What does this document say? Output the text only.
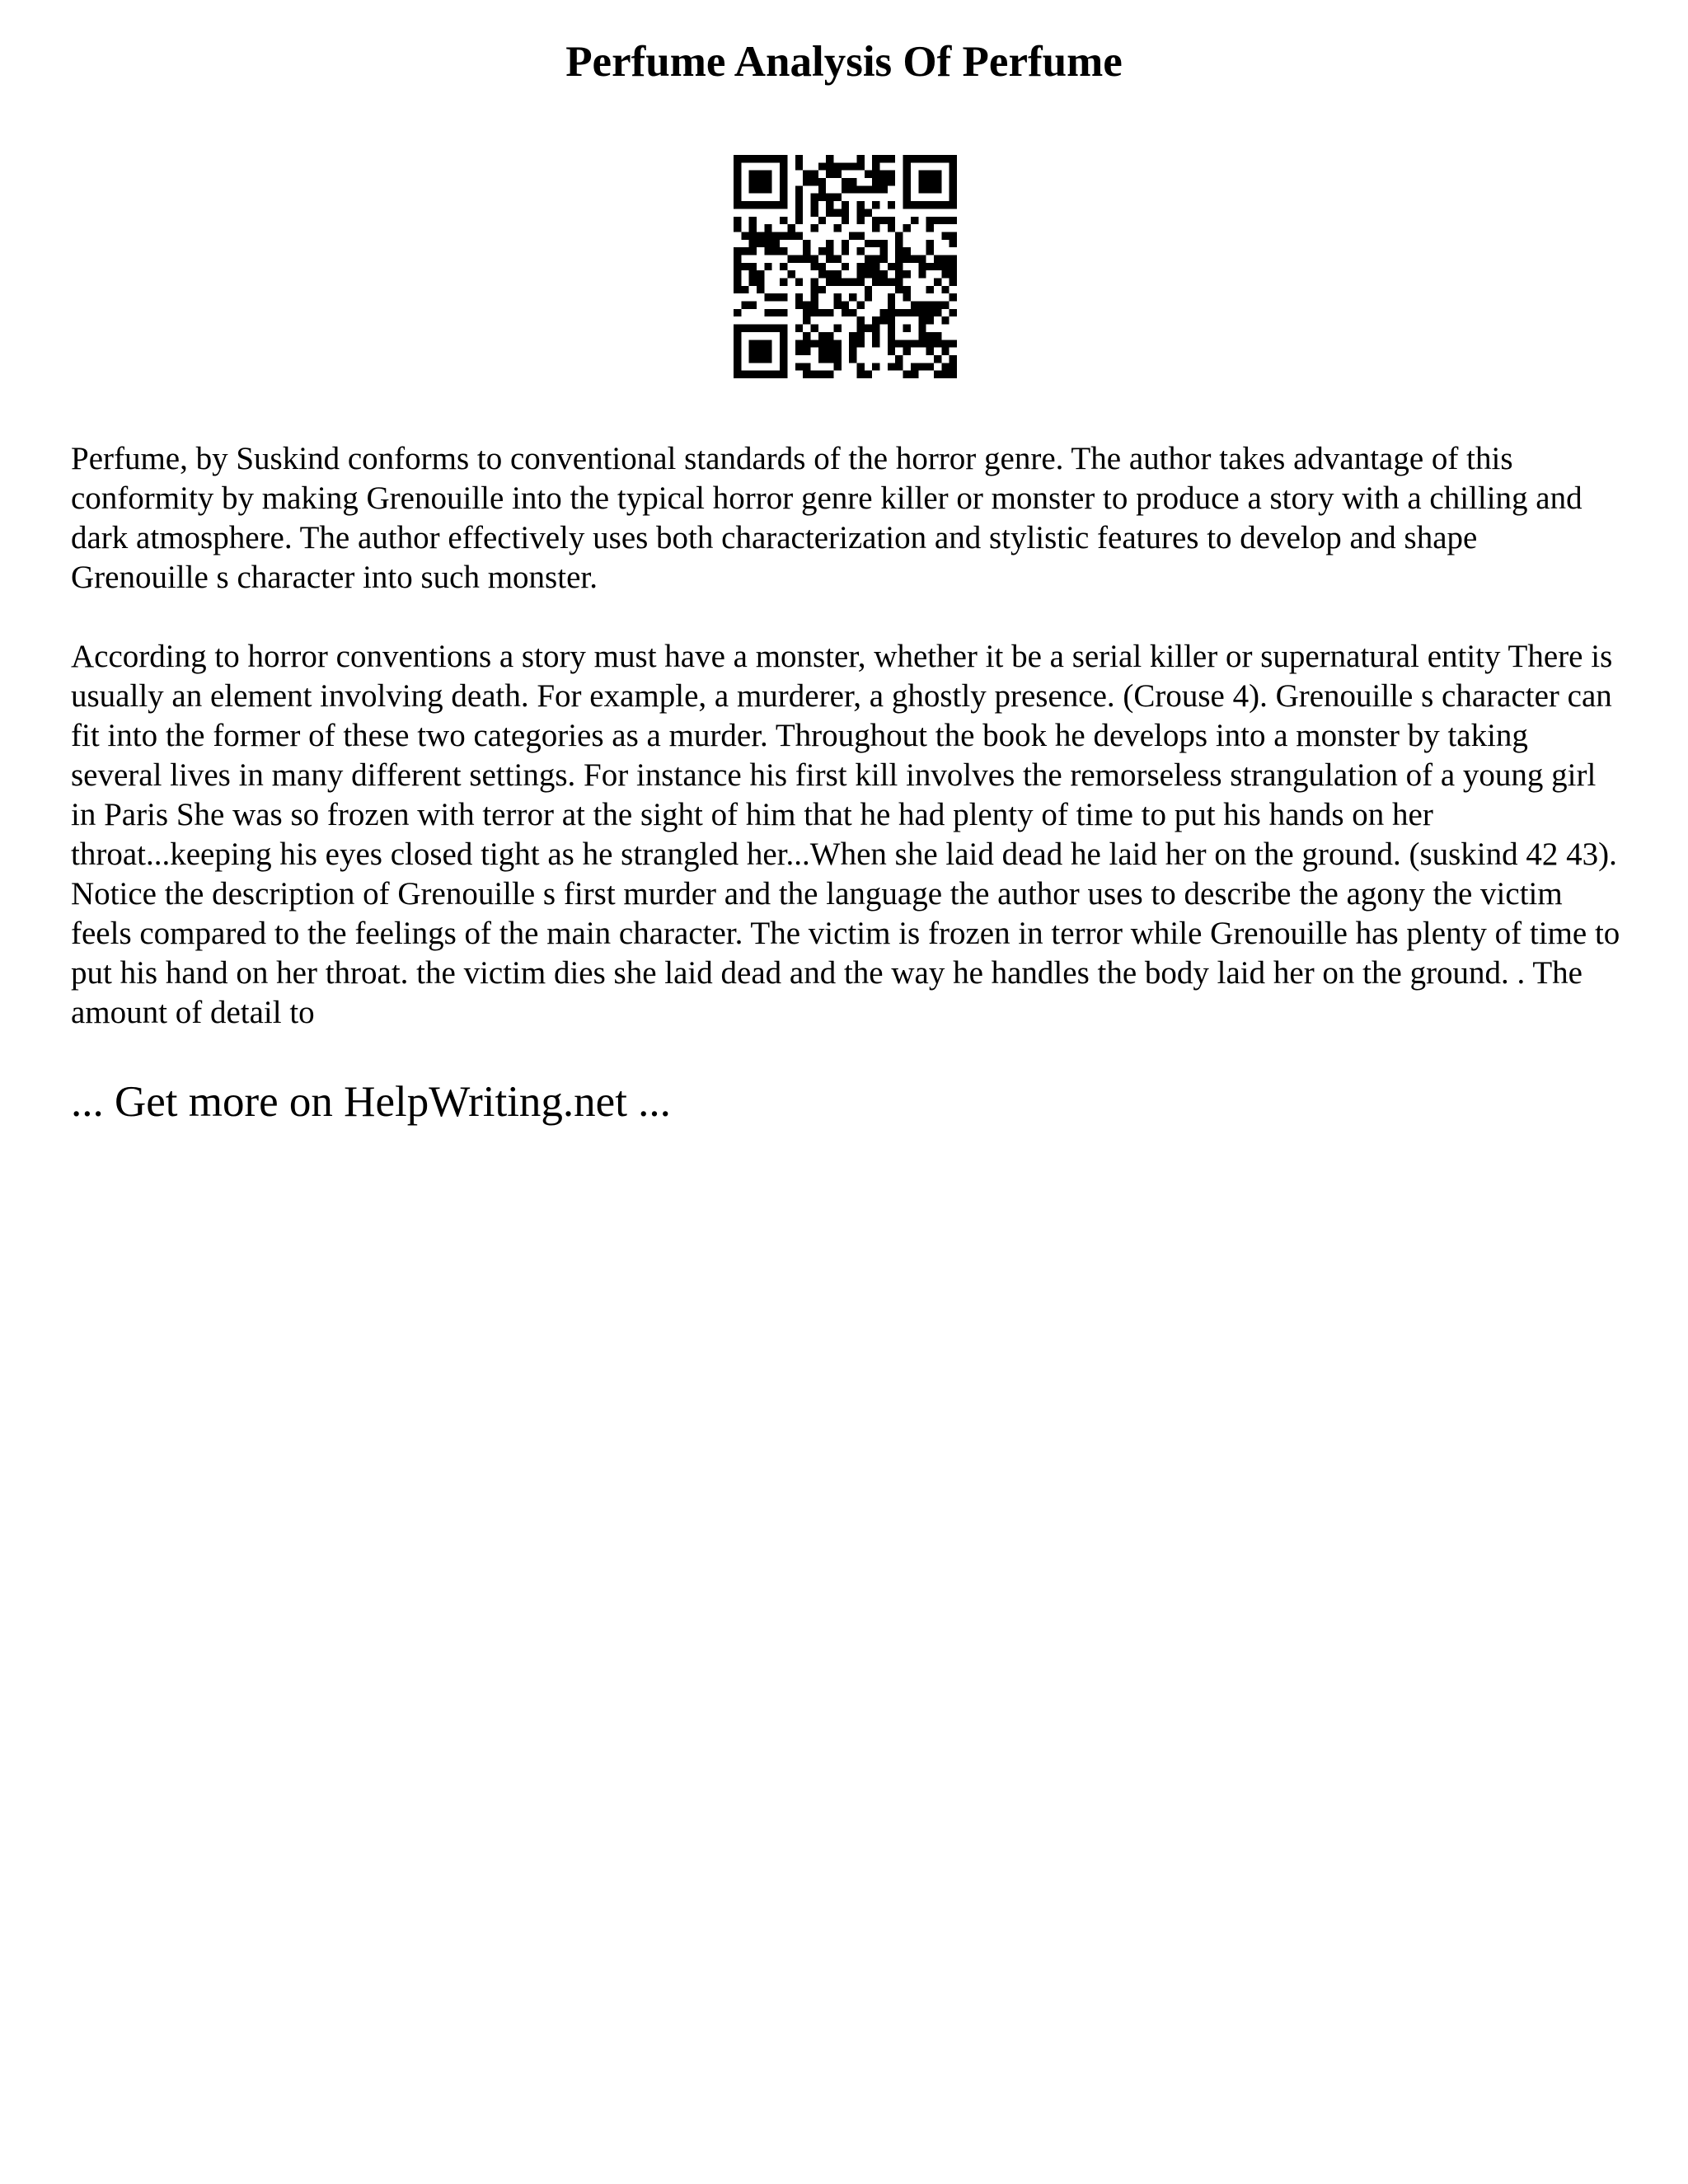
Perfume Analysis Of Perfume

Perfume, by Suskind conforms to conventional standards of the horror genre. The author takes advantage of this conformity by making Grenouille into the typical horror genre killer or monster to produce a story with a chilling and dark atmosphere. The author effectively uses both characterization and stylistic features to develop and shape Grenouille s character into such monster.

According to horror conventions a story must have a monster, whether it be a serial killer or supernatural entity There is usually an element involving death. For example, a murderer, a ghostly presence. (Crouse 4). Grenouille s character can fit into the former of these two categories as a murder. Throughout the book he develops into a monster by taking several lives in many different settings. For instance his first kill involves the remorseless strangulation of a young girl in Paris She was so frozen with terror at the sight of him that he had plenty of time to put his hands on her throat...keeping his eyes closed tight as he strangled her...When she laid dead he laid her on the ground. (suskind 42 43). Notice the description of Grenouille s first murder and the language the author uses to describe the agony the victim feels compared to the feelings of the main character. The victim is frozen in terror while Grenouille has plenty of time to put his hand on her throat. the victim dies she laid dead and the way he handles the body laid her on the ground. . The amount of detail to

... Get more on HelpWriting.net ...
